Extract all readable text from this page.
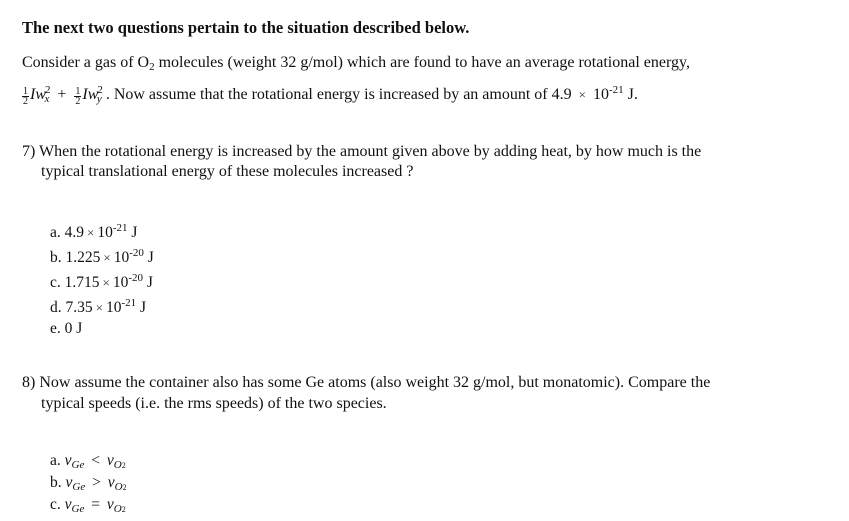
The next two questions pertain to the situation described below.
Consider a gas of $O_2$ molecules (weight 32 g/mol) which are found to have an average rotational energy,
$\frac{1}{2} Iw^2_x + \frac{1}{2} Iw^2_y$ . Now assume that the rotational energy is increased by an amount of $4.9 \times 10^{-21}$ J.
7) When the rotational energy is increased by the amount given above by adding heat, by how much is the
typical translational energy of these molecules increased ?
a. $4.9 \times 10^{-21}$ J
b. $1.225 \times 10^{-20}$ J
c. $1.715 \times 10^{-20}$ J
d. $7.35 \times 10^{-21}$ J
e. 0 J
8) Now assume the container also has some Ge atoms (also weight 32 g/mol, but monatomic). Compare the
typical speeds (i.e. the rms speeds) of the two species.
a. $v_{Ge} < v_{O2}$
b. $v_{Ge} > v_{O2}$
c. $v_{Ge} = v_{O2}$
